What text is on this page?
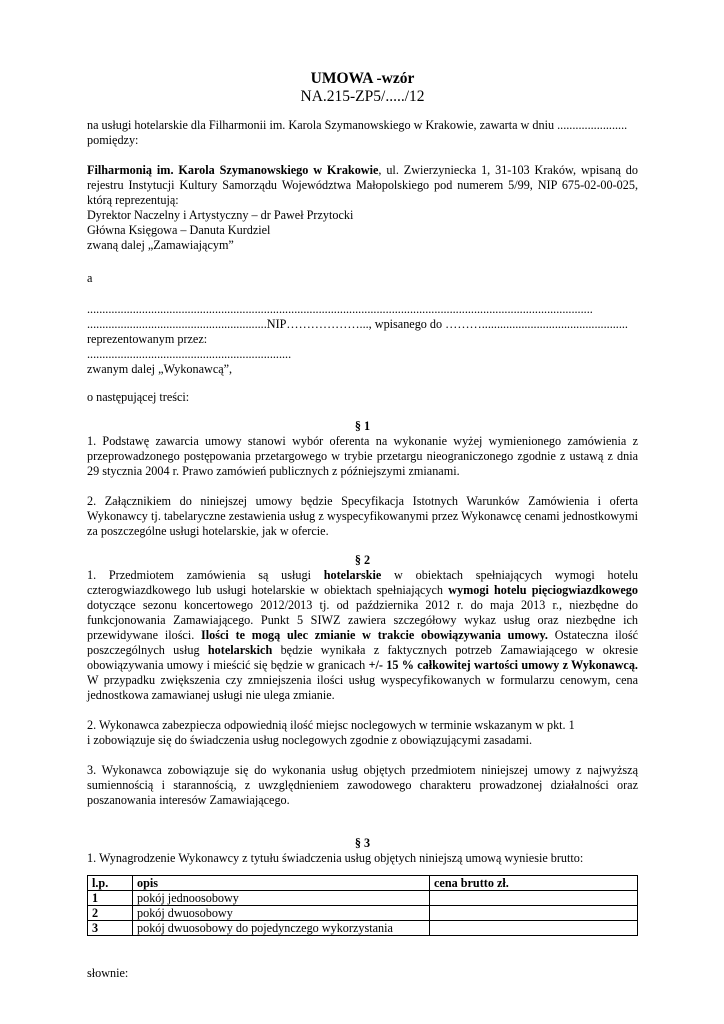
UMOWA -wzór

NA.215-ZP5/...../12

na usługi hotelarskie dla Filharmonii im. Karola Szymanowskiego w Krakowie, zawarta w dniu .......................

pomiędzy:

Filharmonią im. Karola Szymanowskiego w Krakowie, ul. Zwierzyniecka 1, 31-103 Kraków, wpisaną do rejestru Instytucji Kultury Samorządu Województwa Małopolskiego pod numerem 5/99, NIP 675-02-00-025, którą reprezentują:

Dyrektor Naczelny i Artystyczny – dr Paweł Przytocki

Główna Księgowa – Danuta Kurdziel

zwaną dalej „Zamawiającym”

a

......................................................................................................................................................................

...........................................................NIP………………..., wpisanego do ………................................................

reprezentowanym przez:

...................................................................

zwanym dalej „Wykonawcą”,

o następującej treści:

§ 1

1. Podstawę zawarcia umowy stanowi wybór oferenta na wykonanie wyżej wymienionego zamówienia z przeprowadzonego postępowania przetargowego w trybie przetargu nieograniczonego zgodnie z ustawą z dnia 29 stycznia 2004 r. Prawo zamówień publicznych z późniejszymi zmianami.

2. Załącznikiem do niniejszej umowy będzie Specyfikacja Istotnych Warunków Zamówienia i oferta Wykonawcy tj. tabelaryczne zestawienia usług z wyspecyfikowanymi przez Wykonawcę cenami jednostkowymi za poszczególne usługi hotelarskie, jak w ofercie.

§ 2

1. Przedmiotem zamówienia są usługi hotelarskie w obiektach spełniających wymogi hotelu czterogwiazdkowego lub usługi hotelarskie w obiektach spełniających wymogi hotelu pięciogwiazdkowego dotyczące sezonu koncertowego 2012/2013 tj. od października 2012 r. do maja 2013 r., niezbędne do funkcjonowania Zamawiającego. Punkt 5 SIWZ zawiera szczegółowy wykaz usług oraz niezbędne ich przewidywane ilości. Ilości te mogą ulec zmianie w trakcie obowiązywania umowy. Ostateczna ilość poszczególnych usług hotelarskich będzie wynikała z faktycznych potrzeb Zamawiającego w okresie obowiązywania umowy i mieścić się będzie w granicach +/- 15 % całkowitej wartości umowy z Wykonawcą. W przypadku zwiększenia czy zmniejszenia ilości usług wyspecyfikowanych w formularzu cenowym, cena jednostkowa zamawianej usługi nie ulega zmianie.

2. Wykonawca zabezpiecza odpowiednią ilość miejsc noclegowych w terminie wskazanym w pkt. 1
i zobowiązuje się do świadczenia usług noclegowych zgodnie z obowiązującymi zasadami.

3. Wykonawca zobowiązuje się do wykonania usług objętych przedmiotem niniejszej umowy z najwyższą sumiennością i starannością, z uwzględnieniem zawodowego charakteru prowadzonej działalności oraz poszanowania interesów Zamawiającego.

§ 3

1. Wynagrodzenie Wykonawcy z tytułu świadczenia usług objętych niniejszą umową wyniesie brutto:

l.p.	opis	cena brutto zł.
1	pokój jednoosobowy	
2	pokój dwuosobowy	
3	pokój dwuosobowy do pojedynczego wykorzystania	

słownie:
